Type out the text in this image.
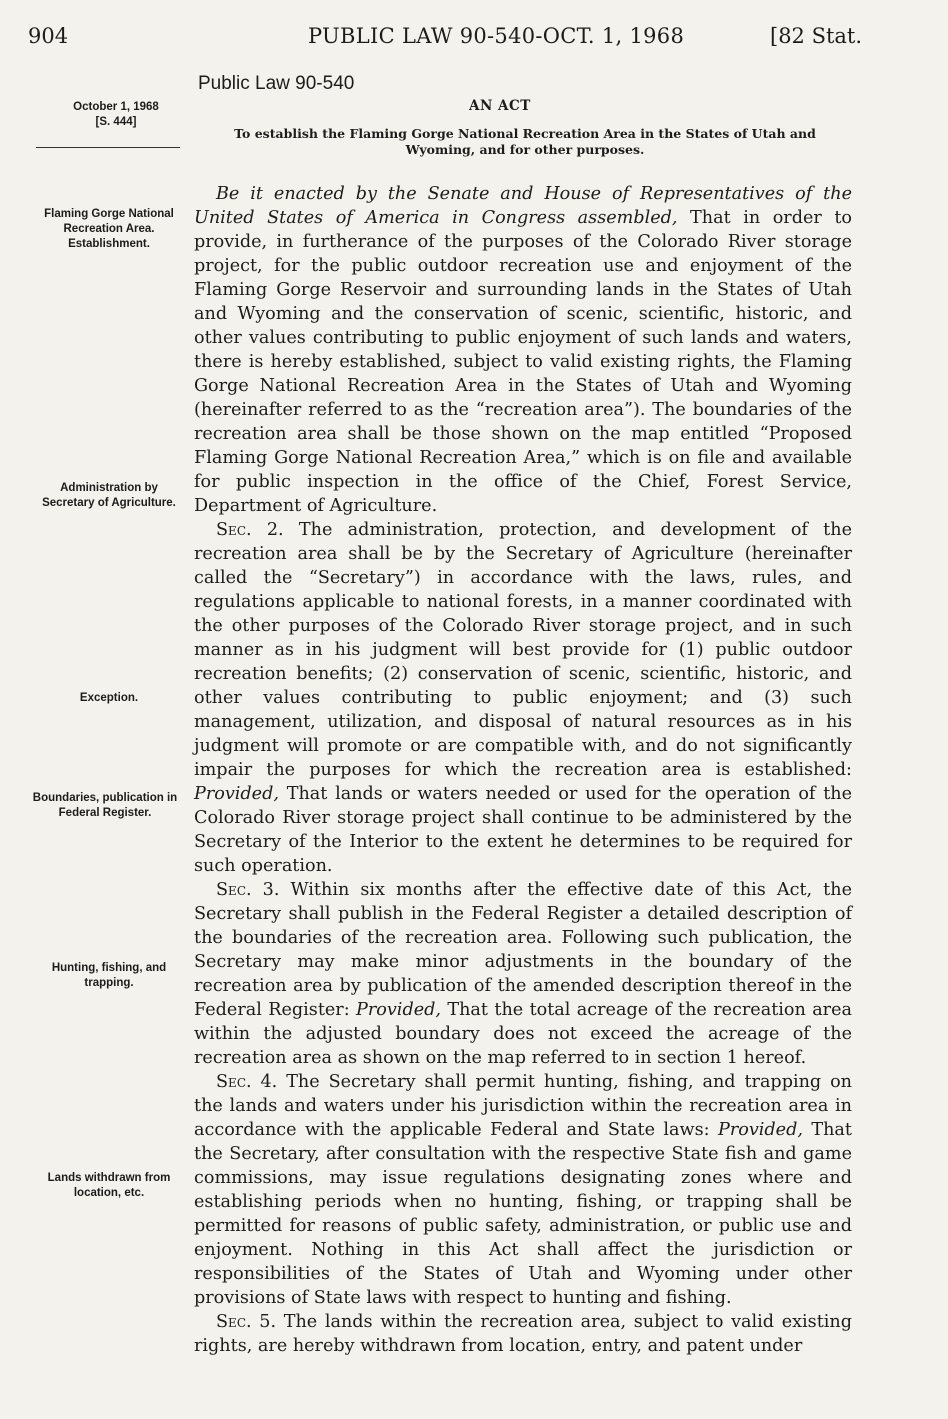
904	PUBLIC LAW 90-540-OCT. 1, 1968	[82 Stat.
Public Law 90-540
AN ACT
October 1, 1968
[S. 444]
To establish the Flaming Gorge National Recreation Area in the States of Utah and Wyoming, and for other purposes.
Flaming Gorge National Recreation Area. Establishment.
Administration by Secretary of Agriculture.
Exception.
Boundaries, publication in Federal Register.
Hunting, fishing, and trapping.
Lands withdrawn from location, etc.

Be it enacted by the Senate and House of Representatives of the United States of America in Congress assembled, That in order to provide, in furtherance of the purposes of the Colorado River storage project, for the public outdoor recreation use and enjoyment of the Flaming Gorge Reservoir and surrounding lands in the States of Utah and Wyoming and the conservation of scenic, scientific, historic, and other values contributing to public enjoyment of such lands and waters, there is hereby established, subject to valid existing rights, the Flaming Gorge National Recreation Area in the States of Utah and Wyoming (hereinafter referred to as the “recreation area”). The boundaries of the recreation area shall be those shown on the map entitled “Proposed Flaming Gorge National Recreation Area,” which is on file and available for public inspection in the office of the Chief, Forest Service, Department of Agriculture.

Sec. 2. The administration, protection, and development of the recreation area shall be by the Secretary of Agriculture (hereinafter called the “Secretary”) in accordance with the laws, rules, and regulations applicable to national forests, in a manner coordinated with the other purposes of the Colorado River storage project, and in such manner as in his judgment will best provide for (1) public outdoor recreation benefits; (2) conservation of scenic, scientific, historic, and other values contributing to public enjoyment; and (3) such management, utilization, and disposal of natural resources as in his judgment will promote or are compatible with, and do not significantly impair the purposes for which the recreation area is established: Provided, That lands or waters needed or used for the operation of the Colorado River storage project shall continue to be administered by the Secretary of the Interior to the extent he determines to be required for such operation.

Sec. 3. Within six months after the effective date of this Act, the Secretary shall publish in the Federal Register a detailed description of the boundaries of the recreation area. Following such publication, the Secretary may make minor adjustments in the boundary of the recreation area by publication of the amended description thereof in the Federal Register: Provided, That the total acreage of the recreation area within the adjusted boundary does not exceed the acreage of the recreation area as shown on the map referred to in section 1 hereof.

Sec. 4. The Secretary shall permit hunting, fishing, and trapping on the lands and waters under his jurisdiction within the recreation area in accordance with the applicable Federal and State laws: Provided, That the Secretary, after consultation with the respective State fish and game commissions, may issue regulations designating zones where and establishing periods when no hunting, fishing, or trapping shall be permitted for reasons of public safety, administration, or public use and enjoyment. Nothing in this Act shall affect the jurisdiction or responsibilities of the States of Utah and Wyoming under other provisions of State laws with respect to hunting and fishing.

Sec. 5. The lands within the recreation area, subject to valid existing rights, are hereby withdrawn from location, entry, and patent under
